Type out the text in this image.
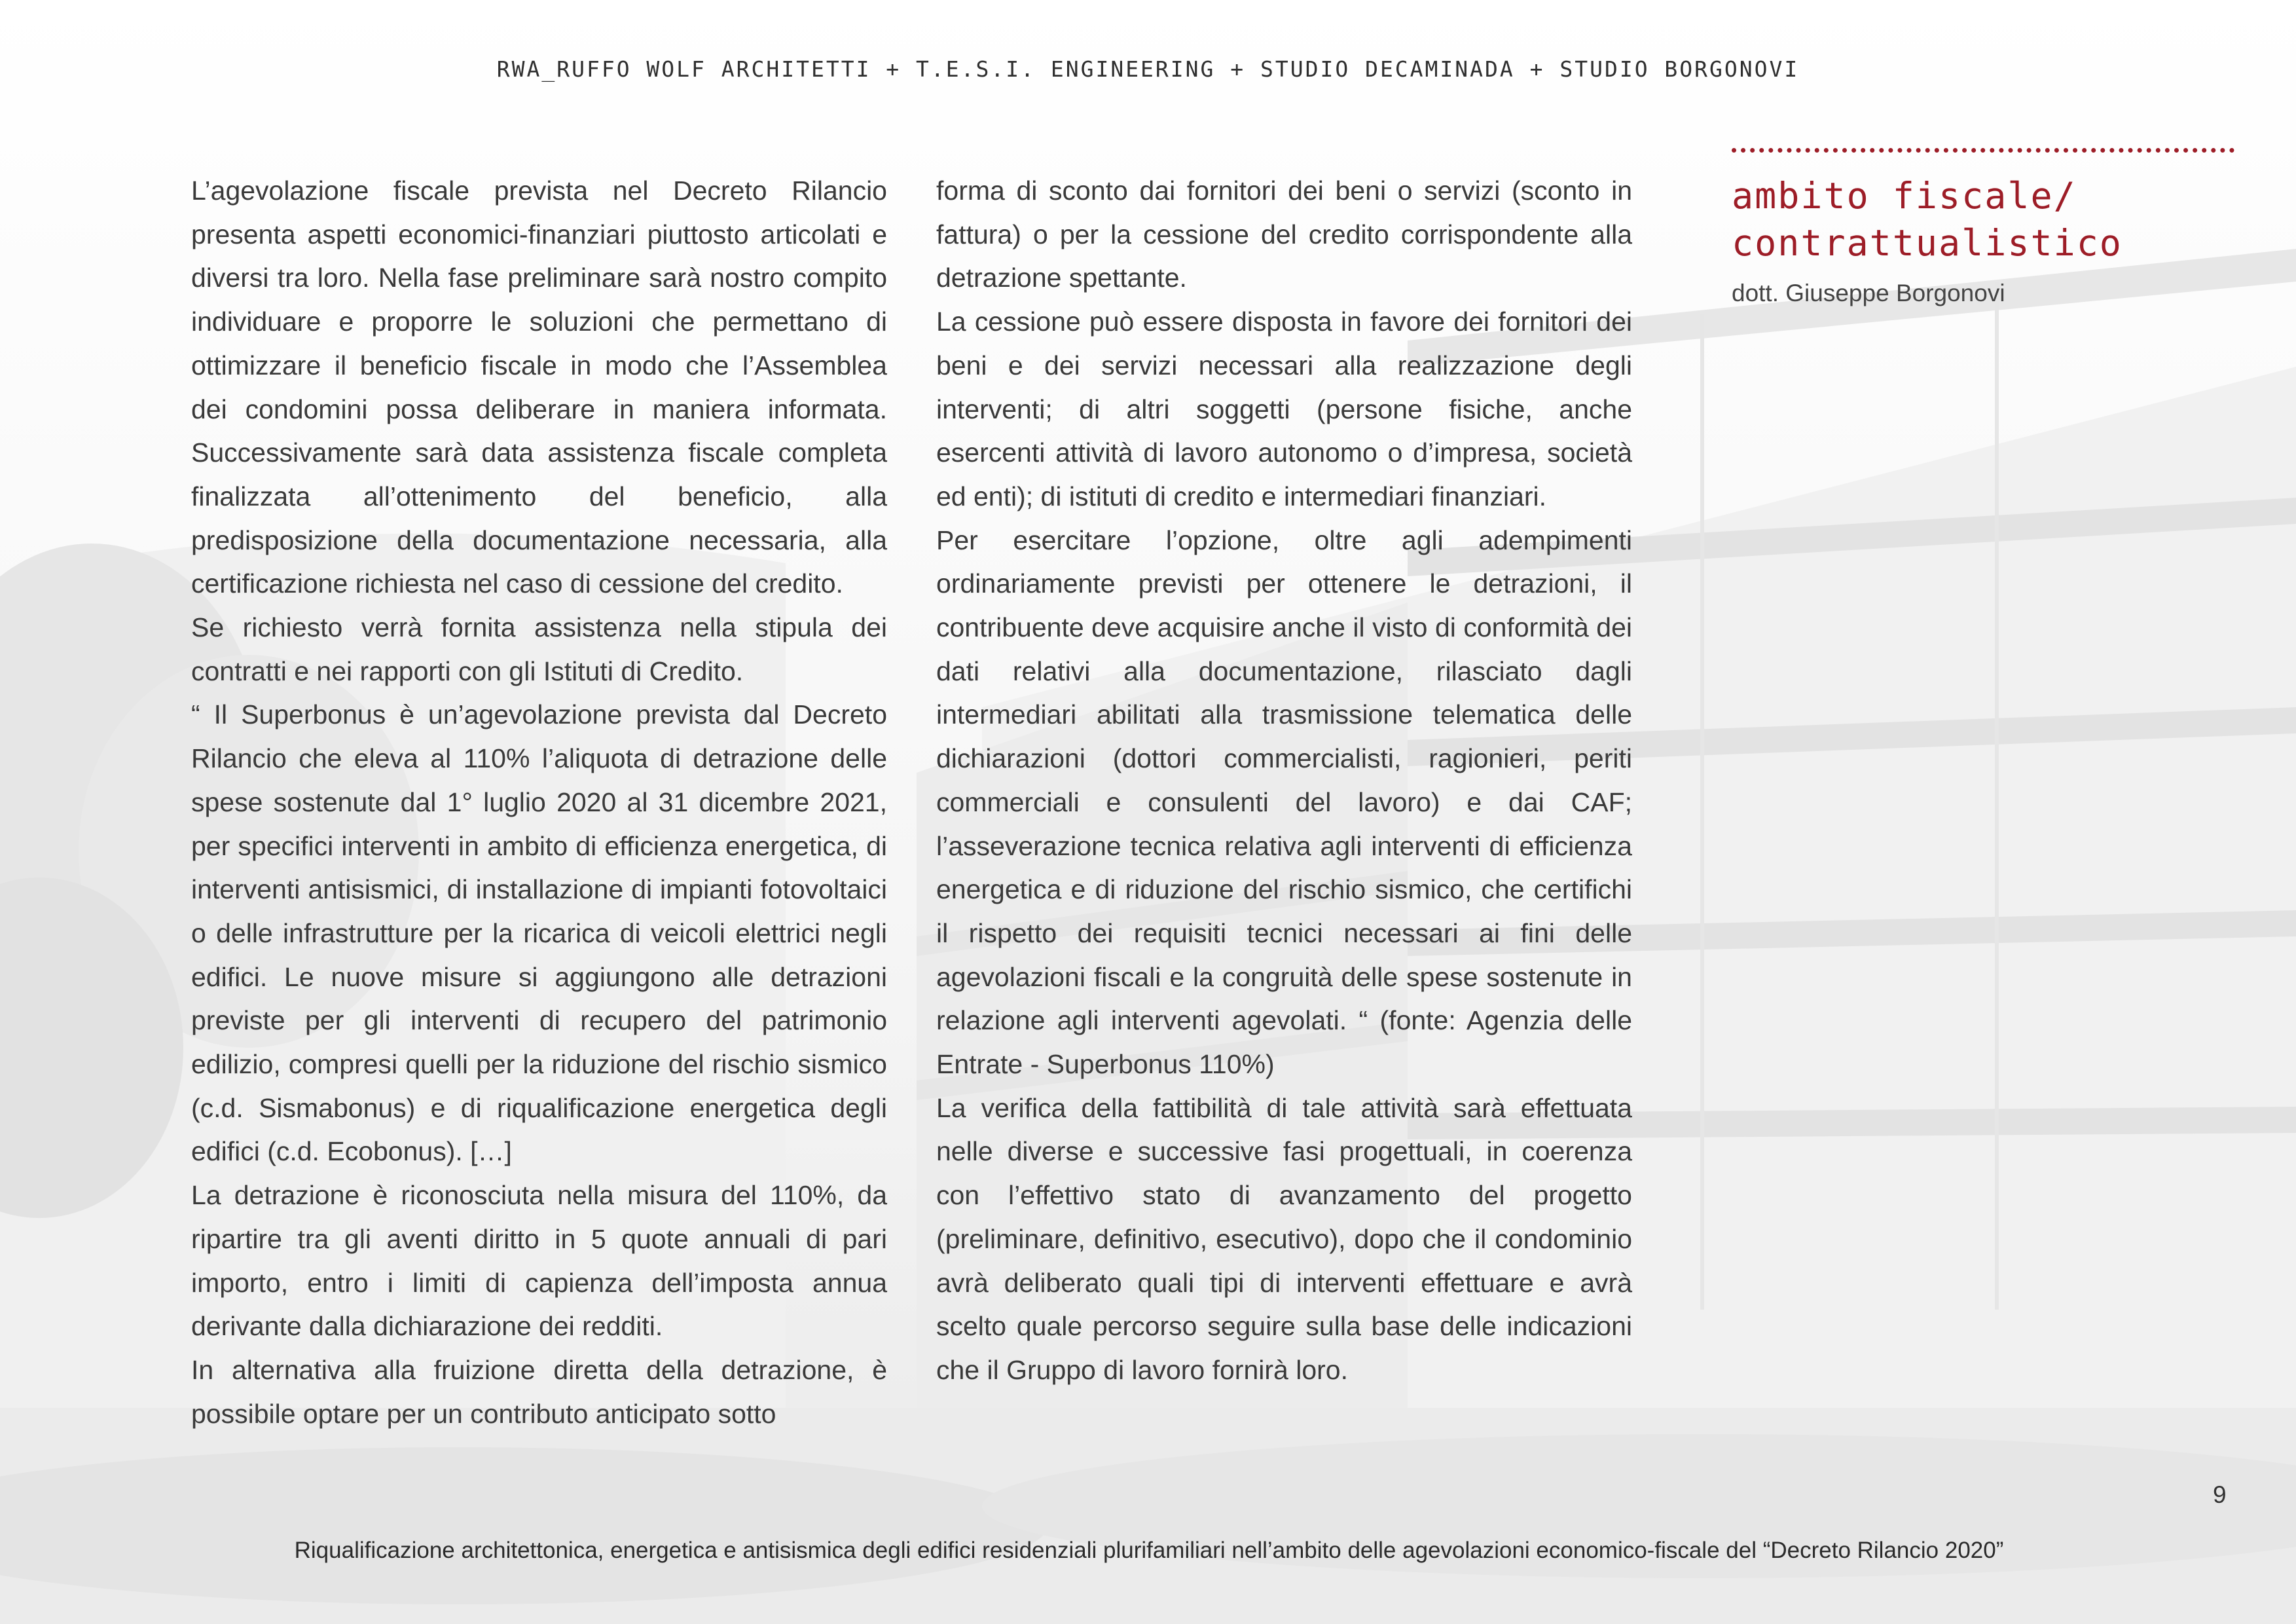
RWA_RUFFO WOLF ARCHITETTI + T.E.S.I. ENGINEERING + STUDIO DECAMINADA + STUDIO BORGONOVI

L’agevolazione fiscale prevista nel Decreto Rilancio presenta aspetti economici-finanziari piuttosto articolati e diversi tra loro. Nella fase preliminare sarà nostro compito individuare e proporre le soluzioni che permettano di ottimizzare il beneficio fiscale in modo che l’Assemblea dei condomini possa deliberare in maniera informata. Successivamente sarà data assistenza fiscale completa finalizzata all’ottenimento del beneficio, alla predisposizione della documentazione necessaria, alla certificazione richiesta nel caso di cessione del credito.

Se richiesto verrà fornita assistenza nella stipula dei contratti e nei rapporti con gli Istituti di Credito.

“ Il Superbonus è un’agevolazione prevista dal Decreto Rilancio che eleva al 110% l’aliquota di detrazione delle spese sostenute dal 1° luglio 2020 al 31 dicembre 2021, per specifici interventi in ambito di efficienza energetica, di interventi antisismici, di installazione di impianti fotovoltaici o delle infrastrutture per la ricarica di veicoli elettrici negli edifici. Le nuove misure si aggiungono alle detrazioni previste per gli interventi di recupero del patrimonio edilizio, compresi quelli per la riduzione del rischio sismico (c.d. Sismabonus) e di riqualificazione energetica degli edifici (c.d. Ecobonus). […]

La detrazione è riconosciuta nella misura del 110%, da ripartire tra gli aventi diritto in 5 quote annuali di pari importo, entro i limiti di capienza dell’imposta annua derivante dalla dichiarazione dei redditi.

In alternativa alla fruizione diretta della detrazione, è possibile optare per un contributo anticipato sotto

forma di sconto dai fornitori dei beni o servizi (sconto in fattura) o per la cessione del credito corrispondente alla detrazione spettante.

La cessione può essere disposta in favore dei fornitori dei beni e dei servizi necessari alla realizzazione degli interventi; di altri soggetti (persone fisiche, anche esercenti attività di lavoro autonomo o d’impresa, società ed enti); di istituti di credito e intermediari finanziari.

Per esercitare l’opzione, oltre agli adempimenti ordinariamente previsti per ottenere le detrazioni, il contribuente deve acquisire anche il visto di conformità dei dati relativi alla documentazione, rilasciato dagli intermediari abilitati alla trasmissione telematica delle dichiarazioni (dottori commercialisti, ragionieri, periti commerciali e consulenti del lavoro) e dai CAF; l’asseverazione tecnica relativa agli interventi di efficienza energetica e di riduzione del rischio sismico, che certifichi il rispetto dei requisiti tecnici necessari ai fini delle agevolazioni fiscali e la congruità delle spese sostenute in relazione agli interventi agevolati. “ (fonte: Agenzia delle Entrate - Superbonus 110%)

La verifica della fattibilità di tale attività sarà effettuata nelle diverse e successive fasi progettuali, in coerenza con l’effettivo stato di avanzamento del progetto (preliminare, definitivo, esecutivo), dopo che il condominio avrà deliberato quali tipi di interventi effettuare e avrà scelto quale percorso seguire sulla base delle indicazioni che il Gruppo di lavoro fornirà loro.

ambito fiscale/
contrattualistico
dott. Giuseppe Borgonovi
9
Riqualificazione architettonica, energetica e antisismica degli edifici residenziali plurifamiliari nell’ambito delle agevolazioni economico-fiscale del “Decreto Rilancio 2020”
